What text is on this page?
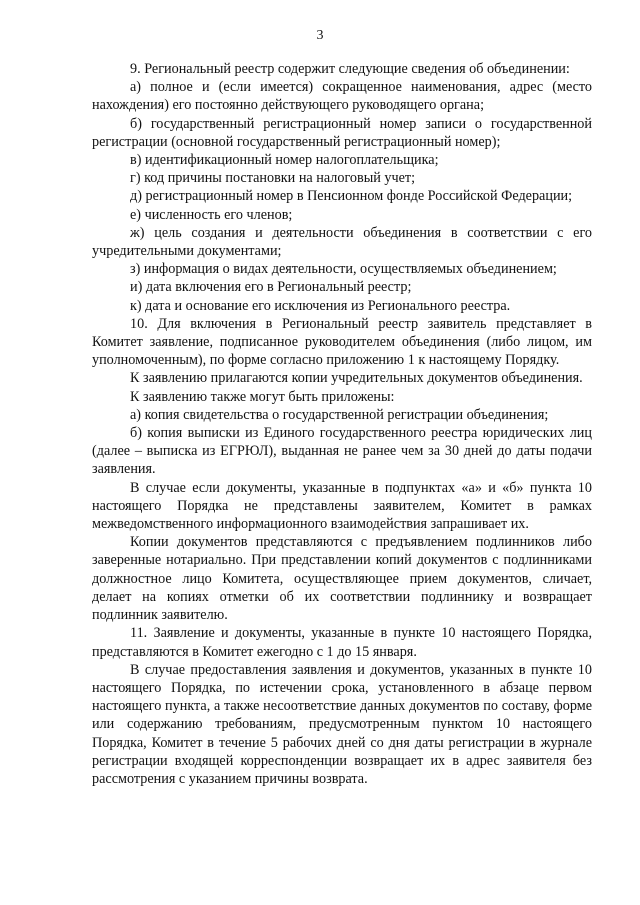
3

9. Региональный реестр содержит следующие сведения об объединении:

а) полное и (если имеется) сокращенное наименования, адрес (место нахождения) его постоянно действующего руководящего органа;

б) государственный регистрационный номер записи о государственной регистрации (основной государственный регистрационный номер);

в) идентификационный номер налогоплательщика;

г) код причины постановки на налоговый учет;

д) регистрационный номер в Пенсионном фонде Российской Федерации;

е) численность его членов;

ж) цель создания и деятельности объединения в соответствии с его учредительными документами;

з) информация о видах деятельности, осуществляемых объединением;

и) дата включения его в Региональный реестр;

к) дата и основание его исключения из Регионального реестра.

10. Для включения в Региональный реестр заявитель представляет в Комитет заявление, подписанное руководителем объединения (либо лицом, им уполномоченным), по форме согласно приложению 1 к настоящему Порядку.

К заявлению прилагаются копии учредительных документов объединения.

К заявлению также могут быть приложены:

а) копия свидетельства о государственной регистрации объединения;

б) копия выписки из Единого государственного реестра юридических лиц (далее – выписка из ЕГРЮЛ), выданная не ранее чем за 30 дней до даты подачи заявления.

В случае если документы, указанные в подпунктах «а» и «б» пункта 10 настоящего Порядка не представлены заявителем, Комитет в рамках межведомственного информационного взаимодействия запрашивает их.

Копии документов представляются с предъявлением подлинников либо заверенные нотариально. При представлении копий документов с подлинниками должностное лицо Комитета, осуществляющее прием документов, сличает, делает на копиях отметки об их соответствии подлиннику и возвращает подлинник заявителю.

11. Заявление и документы, указанные в пункте 10 настоящего Порядка, представляются в Комитет ежегодно с 1 до 15 января.

В случае предоставления заявления и документов, указанных в пункте 10 настоящего Порядка, по истечении срока, установленного в абзаце первом настоящего пункта, а также несоответствие данных документов по составу, форме или содержанию требованиям, предусмотренным пунктом 10 настоящего Порядка, Комитет в течение 5 рабочих дней со дня даты регистрации в журнале регистрации входящей корреспонденции возвращает их в адрес заявителя без рассмотрения с указанием причины возврата.
